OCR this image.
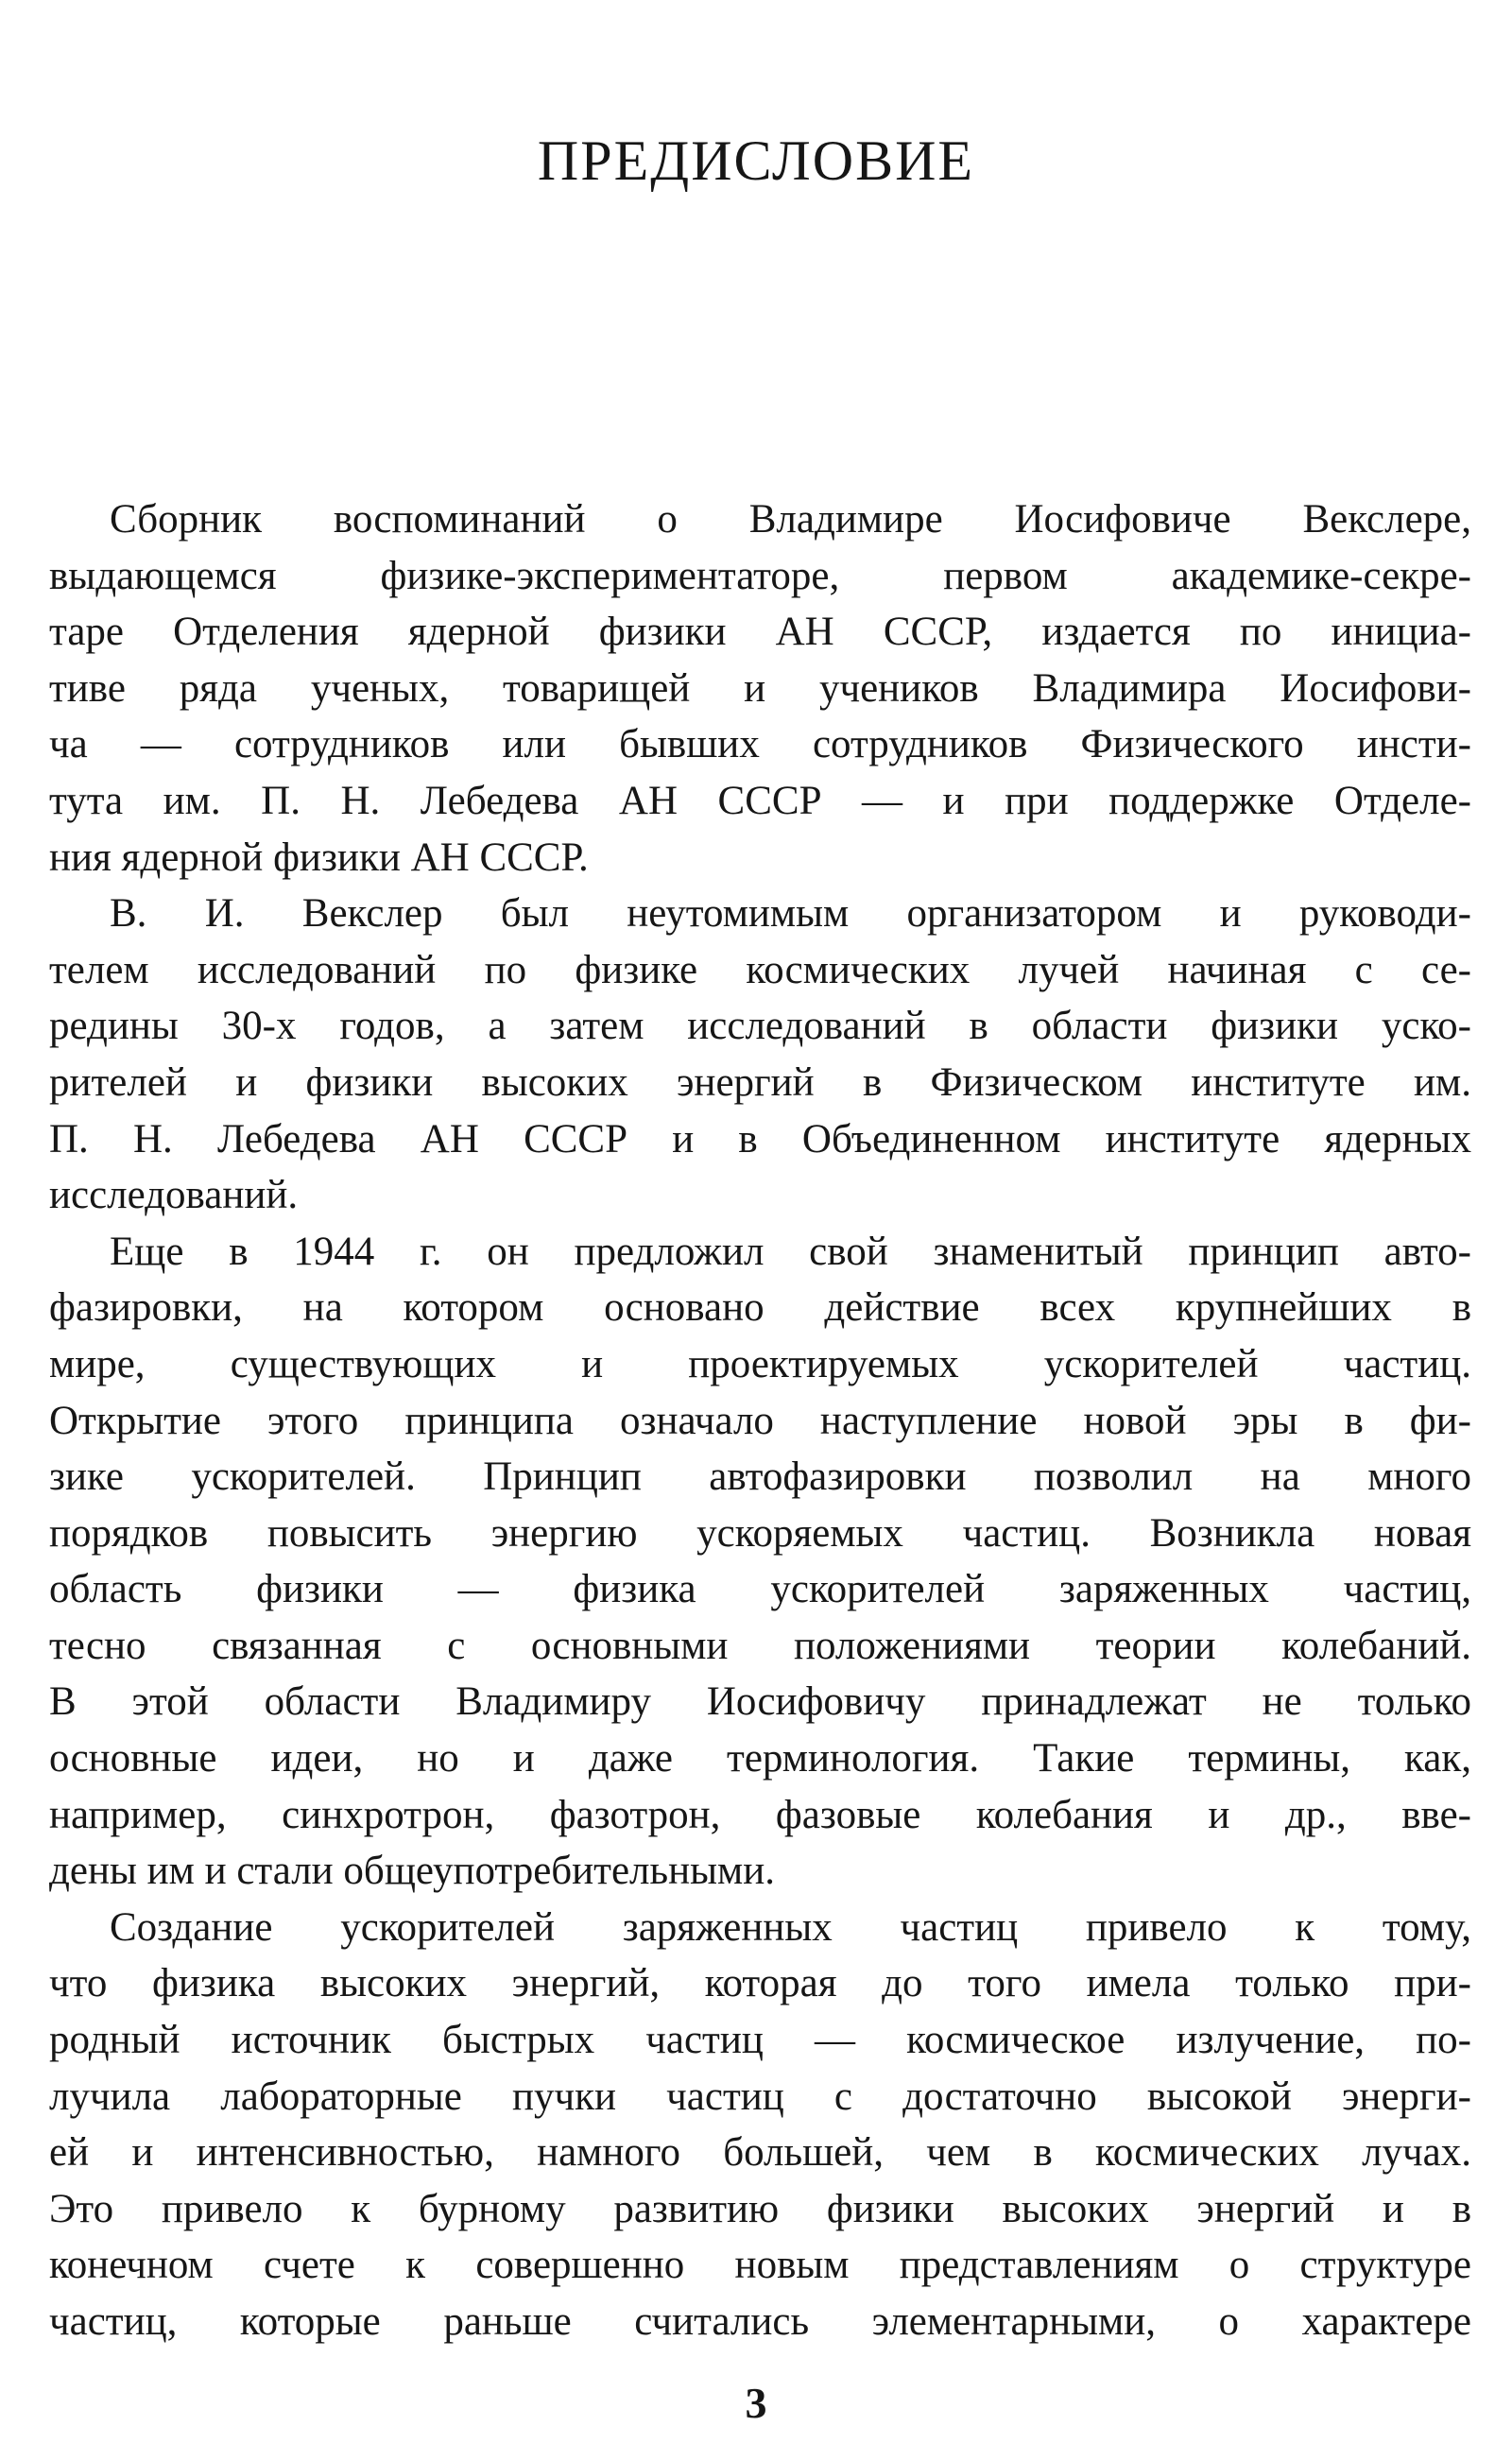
ПРЕДИСЛОВИЕ
Сборник воспоминаний о Владимире Иосифовиче Векслере,
выдающемся физике-экспериментаторе, первом академике-секре-
таре Отделения ядерной физики АН СССР, издается по инициа-
тиве ряда ученых, товарищей и учеников Владимира Иосифови-
ча — сотрудников или бывших сотрудников Физического инсти-
тута им. П. Н. Лебедева АН СССР — и при поддержке Отделе-
ния ядерной физики АН СССР.
В. И. Векслер был неутомимым организатором и руководи-
телем исследований по физике космических лучей начиная с се-
редины 30-х годов, а затем исследований в области физики уско-
рителей и физики высоких энергий в Физическом институте им.
П. Н. Лебедева АН СССР и в Объединенном институте ядерных
исследований.
Еще в 1944 г. он предложил свой знаменитый принцип авто-
фазировки, на котором основано действие всех крупнейших в
мире, существующих и проектируемых ускорителей частиц.
Открытие этого принципа означало наступление новой эры в фи-
зике ускорителей. Принцип автофазировки позволил на много
порядков повысить энергию ускоряемых частиц. Возникла новая
область физики — физика ускорителей заряженных частиц,
тесно связанная с основными положениями теории колебаний.
В этой области Владимиру Иосифовичу принадлежат не только
основные идеи, но и даже терминология. Такие термины, как,
например, синхротрон, фазотрон, фазовые колебания и др., вве-
дены им и стали общеупотребительными.
Создание ускорителей заряженных частиц привело к тому,
что физика высоких энергий, которая до того имела только при-
родный источник быстрых частиц — космическое излучение, по-
лучила лабораторные пучки частиц с достаточно высокой энерги-
ей и интенсивностью, намного большей, чем в космических лучах.
Это привело к бурному развитию физики высоких энергий и в
конечном счете к совершенно новым представлениям о структуре
частиц, которые раньше считались элементарными, о характере
3
